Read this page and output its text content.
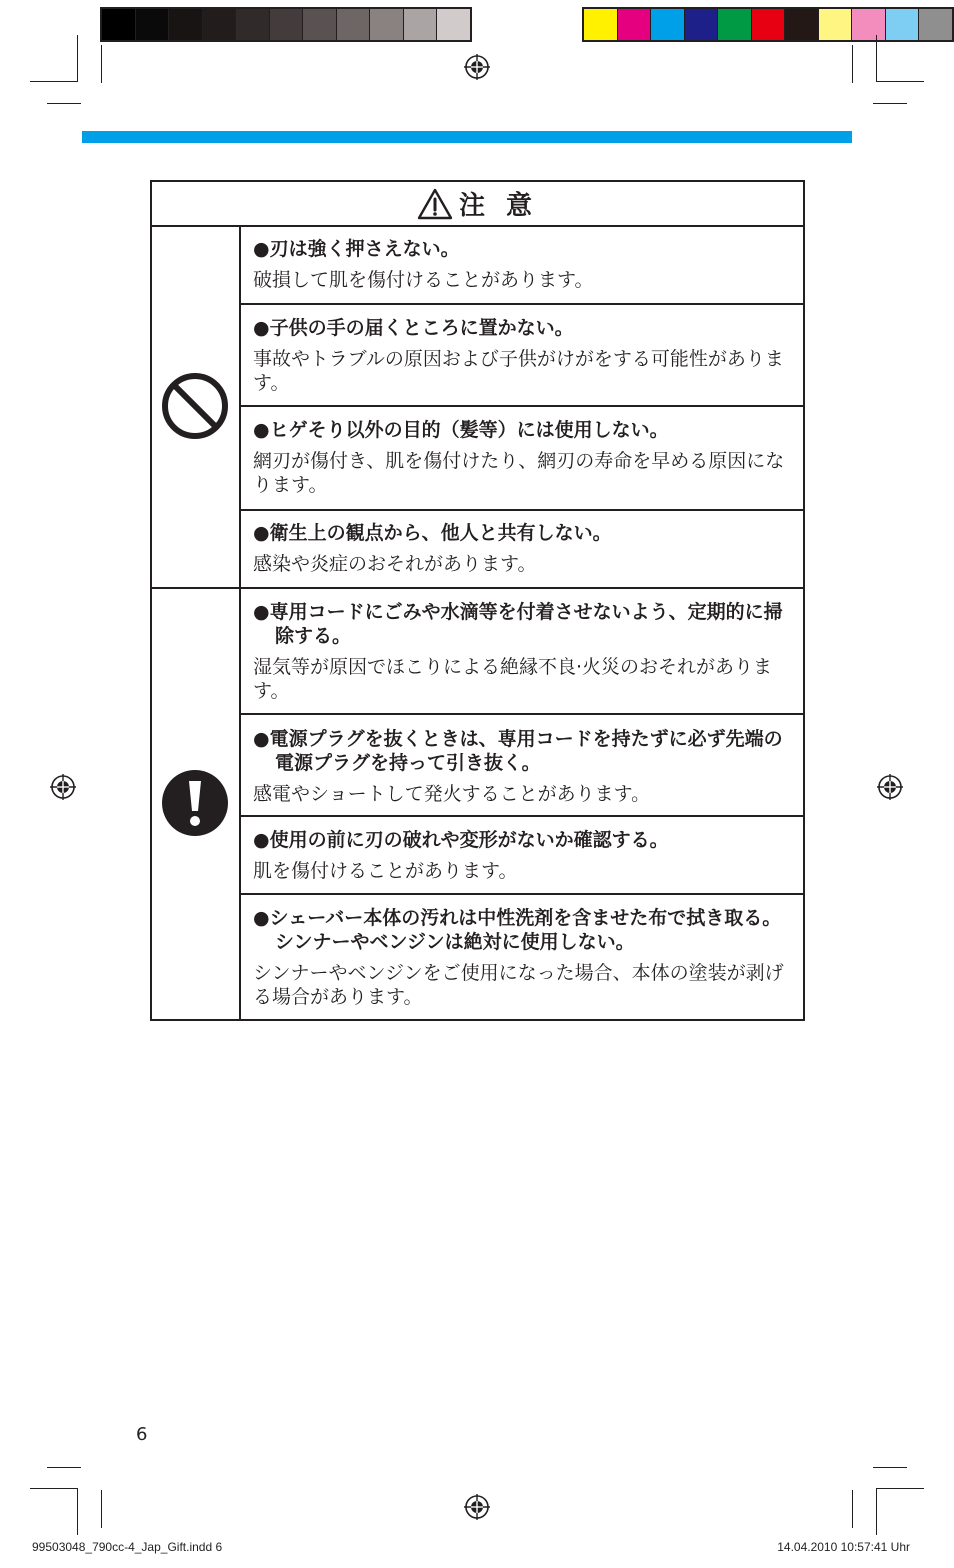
注 意
●刃は強く押さえない。
破損して肌を傷付けることがあります。
●子供の手の届くところに置かない。
事故やトラブルの原因および子供がけがをする可能性があります。
●ヒゲそり以外の目的（髪等）には使用しない。
網刃が傷付き、肌を傷付けたり、網刃の寿命を早める原因になります。
●衛生上の観点から、他人と共有しない。
感染や炎症のおそれがあります。
●専用コードにごみや水滴等を付着させないよう、定期的に掃除する。
湿気等が原因でほこりによる絶縁不良·火災のおそれがあります。
●電源プラグを抜くときは、専用コードを持たずに必ず先端の電源プラグを持って引き抜く。
感電やショートして発火することがあります。
●使用の前に刃の破れや変形がないか確認する。
肌を傷付けることがあります。
●シェーバー本体の汚れは中性洗剤を含ませた布で拭き取る。シンナーやベンジンは絶対に使用しない。
シンナーやベンジンをご使用になった場合、本体の塗装が剥げる場合があります。
6
99503048_790cc-4_Jap_Gift.indd 6	14.04.2010 10:57:41 Uhr
